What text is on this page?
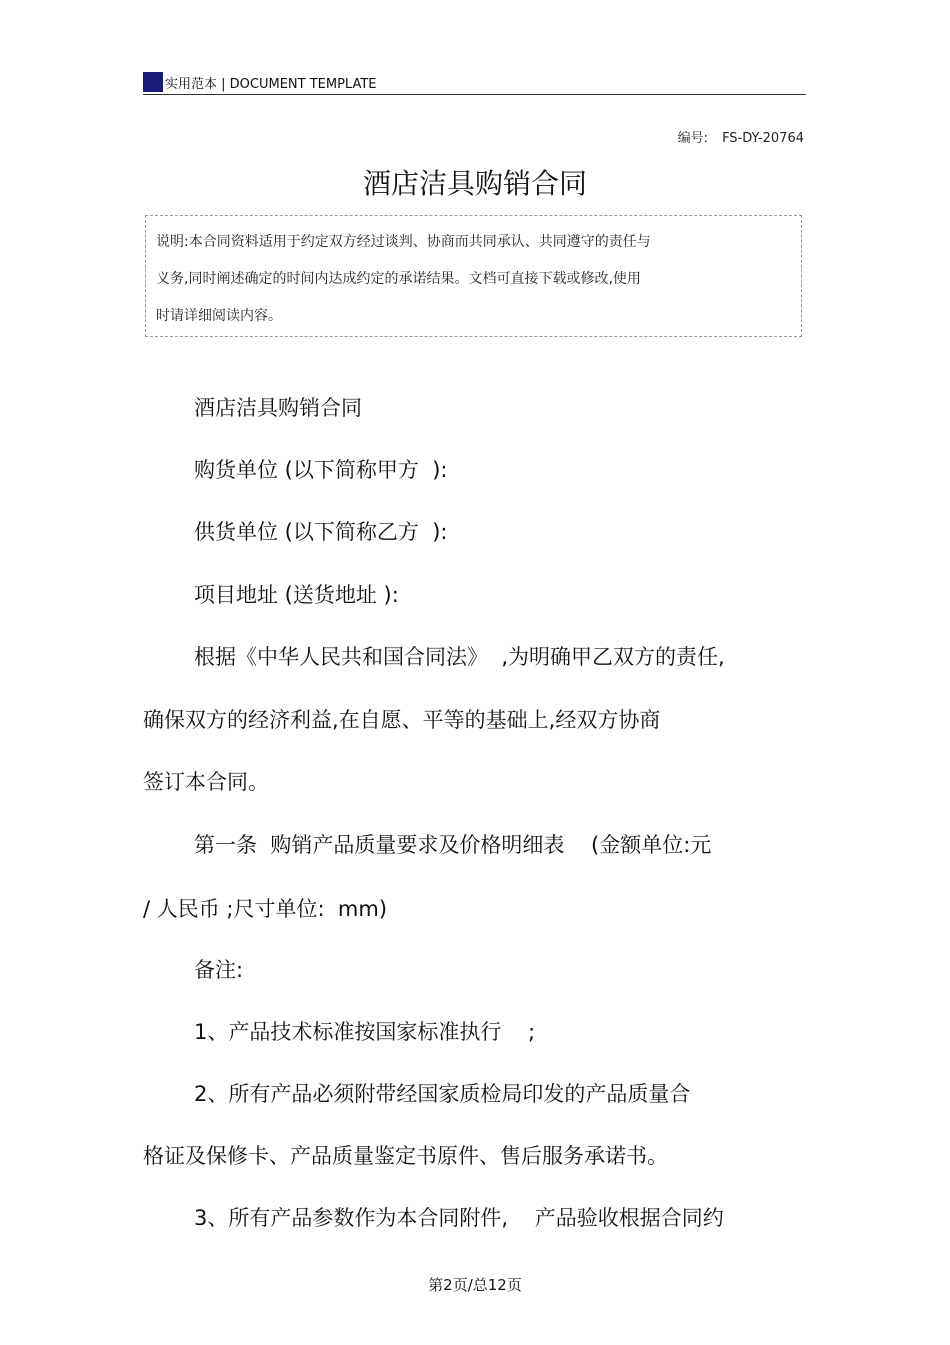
实用范本 | DOCUMENT TEMPLATE
编号: FS-DY-20764
酒店洁具购销合同
说明:本合同资料适用于约定双方经过谈判、协商而共同承认、共同遵守的责任与
义务,同时阐述确定的时间内达成约定的承诺结果。文档可直接下载或修改,使用
时请详细阅读内容。
酒店洁具购销合同
购货单位 (以下简称甲方  ):
供货单位 (以下简称乙方  ):
项目地址 (送货地址 ):
根据《中华人民共和国合同法》  ,为明确甲乙双方的责任,
确保双方的经济利益,在自愿、平等的基础上,经双方协商
签订本合同。
第一条  购销产品质量要求及价格明细表    (金额单位:元
/ 人民币 ;尺寸单位:  mm)
备注:
1、产品技术标准按国家标准执行    ;
2、所有产品必须附带经国家质检局印发的产品质量合
格证及保修卡、产品质量鉴定书原件、售后服务承诺书。
3、所有产品参数作为本合同附件,    产品验收根据合同约
第2页/总12页
